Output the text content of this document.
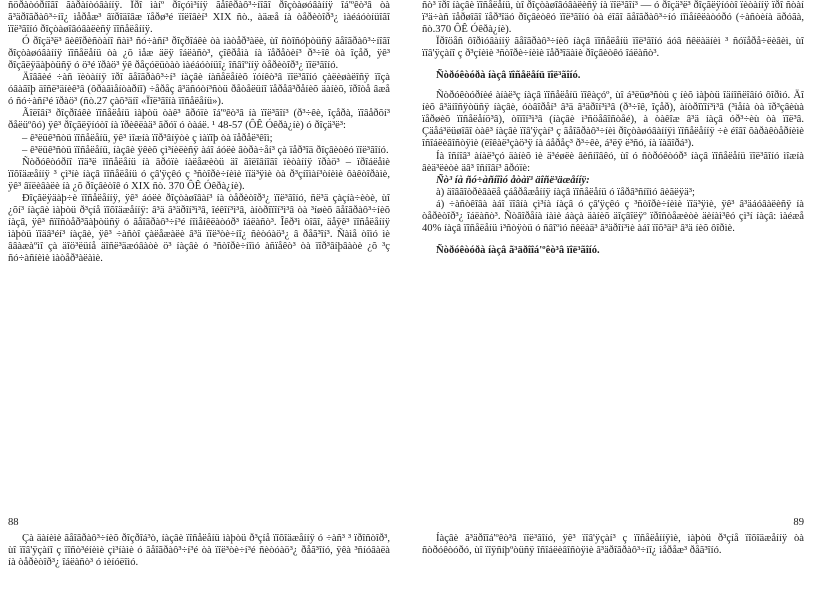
ñöðàòóðíîãî ãàðàíòóâàííÿ. Ïðî ìàíº ðîçóì³ííÿ ãåîêðàô³÷íîãî ðîçòàøóâàííÿ îá'ºêò³â òà ã³äðîãðàô³÷íî¿ ìåðåæ³ âïðîäîâæ ïåðø³é ïîëîâèí³ XIX ñò., àäæå íà òåðèòîð³¿ ìàéáóòíüîãî ïîë³ãîíó ðîçòàøîâóâàëèñÿ ïîñåëåííÿ.

Ó ðîçä³ë³ âèêîðèñòàíî ñàì³ ñó÷àñí³ ðîçðîáêè òà ìàòåð³àëè, ùî ñòîñóþòüñÿ ãåîãðàô³÷íîãî ðîçòàøóâàííÿ ïîñåëåíü òà ¿õ ìåæ äëÿ îáëàñò³, çîêðåìà íà ïåðåòèí³ ð³÷îê òà îçåð, ÿê³ ðîçãëÿäàþòüñÿ ó ö³é ïðàö³ ÿê ðåçóëüòàò ìàéáóòíüî¿ îñâîºííÿ òåðèòîð³¿ ïîë³ãîíó.

Äîâãèé ÷àñ ïèòàííÿ ïðî ãåîãðàô³÷í³ íàçâè íàñåëåíèõ ïóíêò³â ïîë³ãîíó çàëèøàëîñÿ ïîçà óâàãîþ äîñë³äíèê³â (ôðàãìåíòàðíî) ÷åðåç â³äñóòí³ñòü ðåòåëüíî ïåðåâ³ðåíèõ äàíèõ, ïðîòå âæå ó ñó÷àñí³é ïðàö³ (ñò.27 çàõ³äíî «Ïîë³ãîíà ïîñåëåíü»).

Ãîëîâí³ ðîçðîáêè ïîñåëåíü ìàþòü òàê³ ãðóïè îá'ºêò³â íà ïîë³ãîí³ (ð³÷êè, îçåðà, ïîâåðõí³ ðåëüºôó) ÿê³ ðîçãëÿíóòî íà ïðèêëàä³ ãðóï ó òàáë. ¹ 48-57 (ÔÊ Óêðà¿íè) ó ðîçä³ë³:

– ê³ëüê³ñòü ïîñåëåíü, ÿê³ ìîæíà ïîð³âíÿòè ç ìàïîþ òà ïåðåë³êîì;

– ê³ëüê³ñòü ïîñåëåíü, íàçâè ÿêèõ çì³íèëèñÿ àáî áóëè âòðà÷åí³ çà ïåð³îä ðîçâèòêó ïîë³ãîíó.

Ñòðóêòóðíî ïîä³ë ïîñåëåíü íà ãðóïè íàëåæèòü äî ãîëîâíîãî ïèòàííÿ ïðàö³ – ïðîáëåìè ïîõîäæåííÿ ³ çì³íè íàçâ ïîñåëåíü ó çâ'ÿçêó ç ³ñòîðè÷íèìè ïîä³ÿìè òà ð³çíîìàí³òíèìè ôàêòîðàìè, ÿê³ âïëèâàëè íà ¿õ ðîçâèòîê ó XIX ñò. 370 ÔÊ Óêðà¿íè).

Ðîçãëÿäàþ÷è ïîñåëåííÿ, ÿê³ áóëè ðîçòàøîâàí³ íà òåðèòîð³¿ ïîë³ãîíó, ñë³ä çàçíà÷èòè, ùî ¿õí³ íàçâè ìàþòü ð³çíå ïîõîäæåííÿ: â³ä ã³äðîí³ì³â, îéêîí³ì³â, àíòðîïîí³ì³â òà ³íøèõ ãåîãðàô³÷íèõ íàçâ, ÿê³ ñïîñòåð³ãàþòüñÿ ó ãåîãðàô³÷í³é íîìåíêëàòóð³ îáëàñò³. Îêð³ì òîãî, äåÿê³ ïîñåëåííÿ ìàþòü ïîäâ³éí³ íàçâè, ÿê³ ÷àñòî çàëåæàëè â³ä ïîë³òè÷íî¿ ñèòóàö³¿ â ðåã³îí³. Ñàìå òîìó ìè ââàæàºìî çà äîö³ëüíå äîñë³äæóâàòè ö³ íàçâè ó ³ñòîðè÷íîìó àñïåêò³ òà ïîð³âíþâàòè ¿õ ³ç ñó÷àñíèìè ìàòåð³àëàìè.

88

Çà äàíèìè ãåîãðàô³÷íèõ ðîçðîá³ò, íàçâè ïîñåëåíü ìàþòü ð³çíå ïîõîäæåííÿ ó ÷àñ³ ³ ïðîñòîð³, ùî ïîâ'ÿçàíî ç ïîñò³éíèìè çì³íàìè ó ãåîãðàô³÷í³é òà ïîë³òè÷í³é ñèòóàö³¿ ðåã³îíó, ÿêà ³ñíóâàëà íà òåðèòîð³¿ îáëàñò³ ó ìèíóëîìó.

ñò³ ïðî íàçâè ïîñåëåíü, ùî ðîçòàøîâóâàëèñÿ íà ïîë³ãîí³ — ó ðîçä³ë³ ðîçãëÿíóòî ïèòàííÿ ïðî ñòàí ï³ä÷àñ ïåðøîãî ïåð³îäó ðîçâèòêó ïîë³ãîíó òà éîãî ãåîãðàô³÷íó íîìåíêëàòóðó (÷àñòèíà äðóãà, ñò.370 ÔÊ Óêðà¿íè).

Ïðîöåñ ôîðìóâàííÿ ãåîãðàô³÷íèõ íàçâ ïîñåëåíü ïîë³ãîíó áóâ ñêëàäíèì ³ ñóïåðå÷ëèâèì, ùî ïîâ'ÿçàíî ç ð³çíèìè ³ñòîðè÷íèìè ïåð³îäàìè ðîçâèòêó îáëàñò³.

Ñòðóêòóðà íàçâ ïîñåëåíü ïîë³ãîíó.

Ñòðóêòóðíèé àíàë³ç íàçâ ïîñåëåíü ïîêàçóº, ùî á³ëüø³ñòü ç íèõ ìàþòü îäíîñëîâíó ôîðìó. Äî íèõ â³äíîñÿòüñÿ íàçâè, óòâîðåí³ â³ä ã³äðîí³ì³â (ð³÷îê, îçåð), àíòðîïîí³ì³â (³ìåíà òà ïð³çâèùà ïåðøèõ ïîñåëåíö³â), òîïîí³ì³â (íàçâè ì³ñöåâîñòåé), à òàêîæ â³ä íàçâ óð³÷èù òà ïîë³â. Çäåá³ëüøîãî òàê³ íàçâè ïîâ'ÿçàí³ ç ãåîãðàô³÷íèì ðîçòàøóâàííÿì ïîñåëåííÿ ÷è éîãî õàðàêòåðíèìè îñîáëèâîñòÿìè (ëîêàë³çàö³ÿ íà áåðåç³ ð³÷êè, á³ëÿ ë³ñó, íà ïàãîðá³).

Íà îñíîâ³ àíàë³çó äàíèõ ìè ä³éøëè âèñíîâêó, ùî ó ñòðóêòóð³ íàçâ ïîñåëåíü ïîë³ãîíó ìîæíà âèä³ëèòè äâ³ îñíîâí³ ãðóïè:

Ñò³ íà ñó÷àñíîìó åòàï³ äîñë³äæåííÿ:

à) äîâãîòðèâàëå çáåðåæåííÿ íàçâ ïîñåëåíü ó ïåðâ³ñíîìó âèãëÿä³;

á) ÷àñòêîâà àáî ïîâíà çì³íà íàçâ ó çâ'ÿçêó ç ³ñòîðè÷íèìè ïîä³ÿìè, ÿê³ â³äáóâàëèñÿ íà òåðèòîð³¿ îáëàñò³. Ñòâîðåíà íàìè áàçà äàíèõ äîçâîëÿº ïðîñòåæèòè äèíàì³êó çì³í íàçâ: ìàéæå 40% íàçâ ïîñåëåíü ì³ñòÿòü ó ñâîºìó ñêëàä³ ã³äðîí³ìè àáî ïîõ³äí³ â³ä íèõ ôîðìè.

Ñòðóêòóðà íàçâ ã³äðîîá'ºêò³â ïîë³ãîíó.

89

Íàçâè ã³äðîîá'ºêò³â ïîë³ãîíó, ÿê³ ïîâ'ÿçàí³ ç ïîñåëåííÿìè, ìàþòü ð³çíå ïîõîäæåííÿ òà ñòðóêòóðó, ùî ïîÿñíþºòüñÿ îñîáëèâîñòÿìè ã³äðîãðàô³÷íî¿ ìåðåæ³ ðåã³îíó.
